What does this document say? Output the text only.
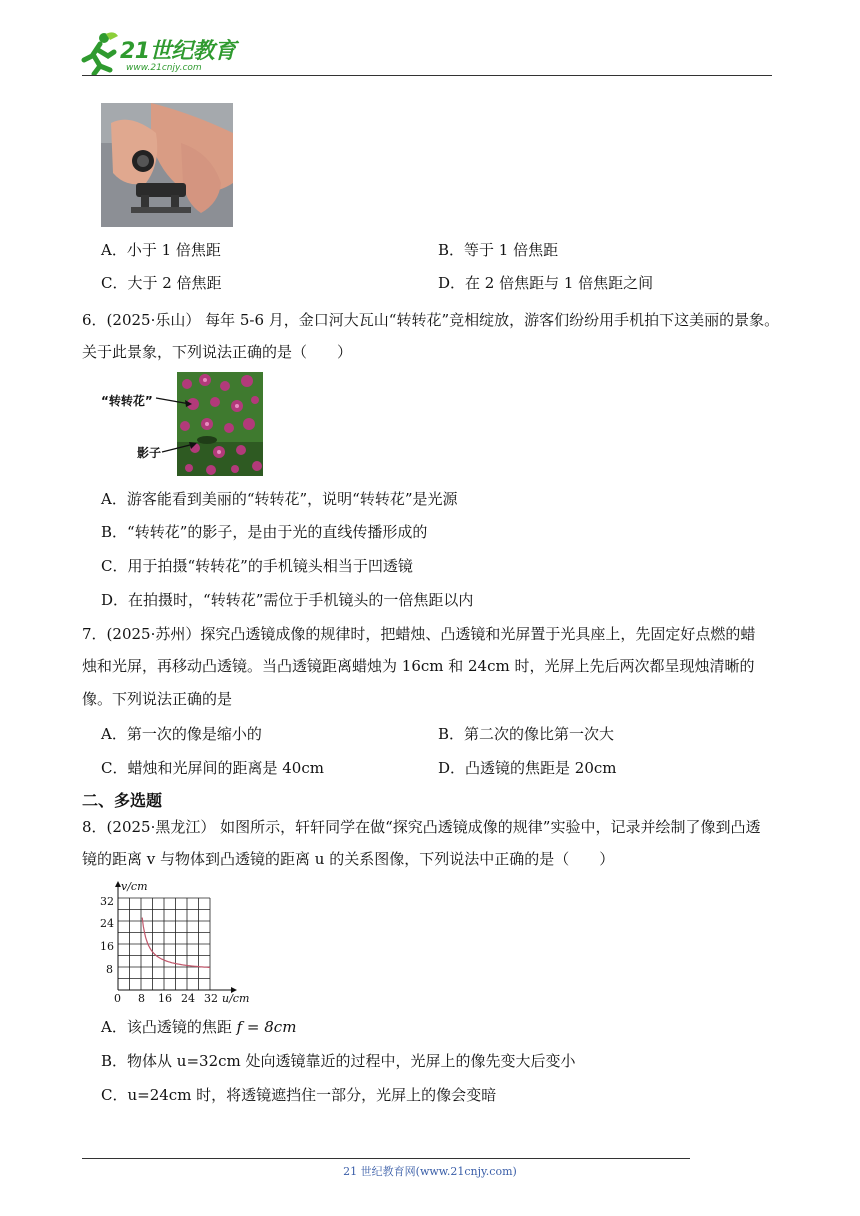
21世纪教育
www.21cnjy.com
A．小于 1 倍焦距	B．等于 1 倍焦距
C．大于 2 倍焦距	D．在 2 倍焦距与 1 倍焦距之间
6．(2025·乐山） 每年 5-6 月，金口河大瓦山“转转花”竞相绽放，游客们纷纷用手机拍下这美丽的景象。
关于此景象，下列说法正确的是（　　）
“转转花”
影子
A．游客能看到美丽的“转转花”，说明“转转花”是光源
B．“转转花”的影子，是由于光的直线传播形成的
C．用于拍摄“转转花”的手机镜头相当于凹透镜
D．在拍摄时，“转转花”需位于手机镜头的一倍焦距以内
7．(2025·苏州）探究凸透镜成像的规律时，把蜡烛、凸透镜和光屏置于光具座上，先固定好点燃的蜡
烛和光屏，再移动凸透镜。当凸透镜距离蜡烛为 16cm 和 24cm 时，光屏上先后两次都呈现烛清晰的
像。下列说法正确的是
A．第一次的像是缩小的	B．第二次的像比第一次大
C．蜡烛和光屏间的距离是 40cm	D．凸透镜的焦距是 20cm
二、多选题
8．(2025·黑龙江） 如图所示，轩轩同学在做“探究凸透镜成像的规律”实验中，记录并绘制了像到凸透
镜的距离 v 与物体到凸透镜的距离 u 的关系图像，下列说法中正确的是（　　）
v/cm
u/cm
32
24
16
8
0 8 16 24 32
A．该凸透镜的焦距 f = 8cm
B．物体从 u=32cm 处向透镜靠近的过程中，光屏上的像先变大后变小
C．u=24cm 时，将透镜遮挡住一部分，光屏上的像会变暗
21 世纪教育网(www.21cnjy.com)
